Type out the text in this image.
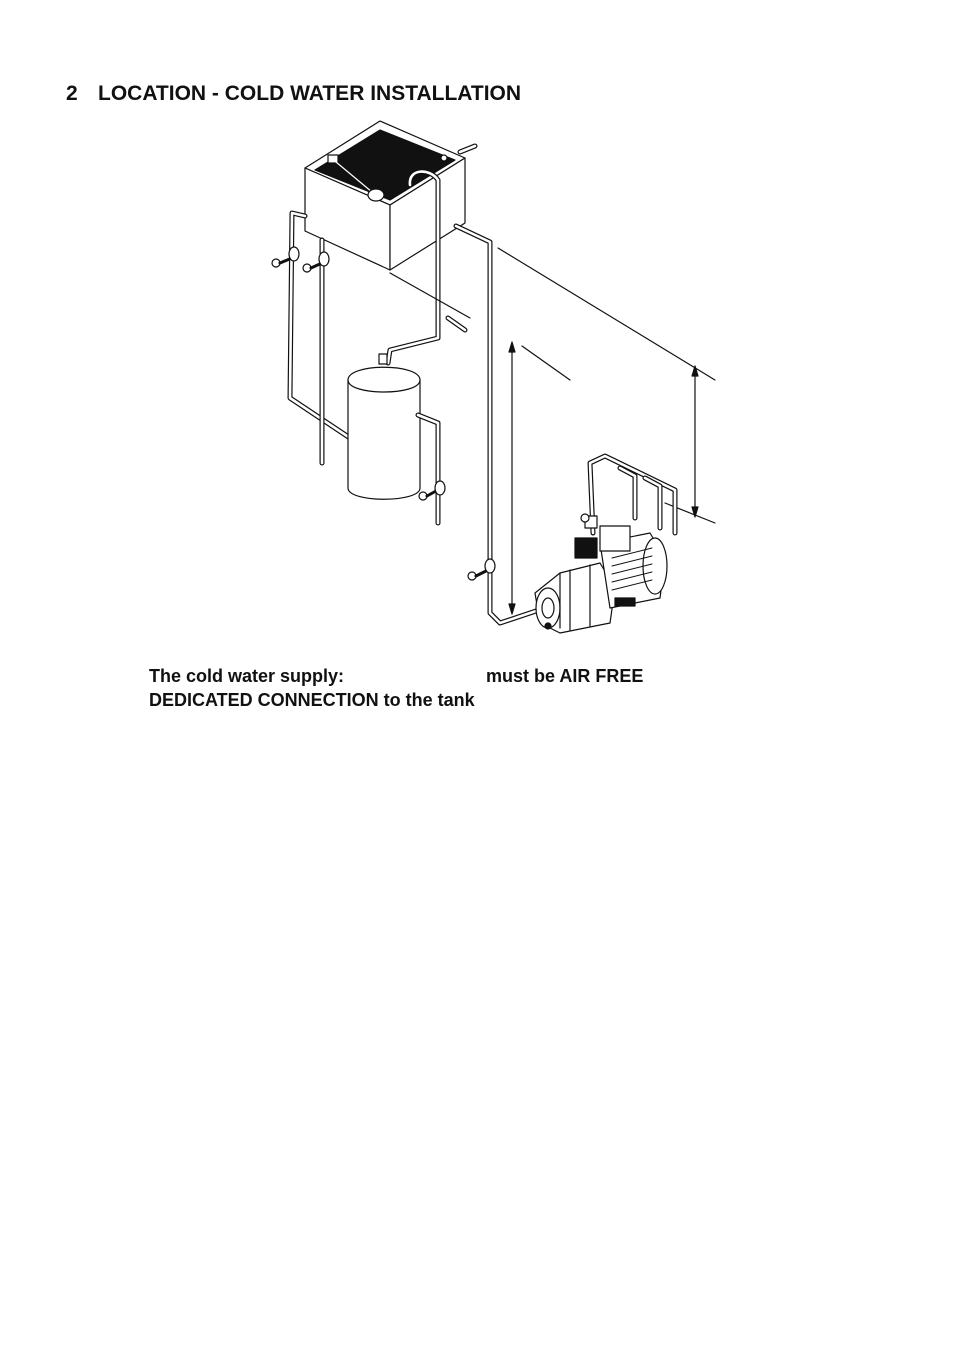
2 LOCATION - COLD WATER INSTALLATION
The cold water supply:	must be AIR FREE
DEDICATED CONNECTION to the tank
